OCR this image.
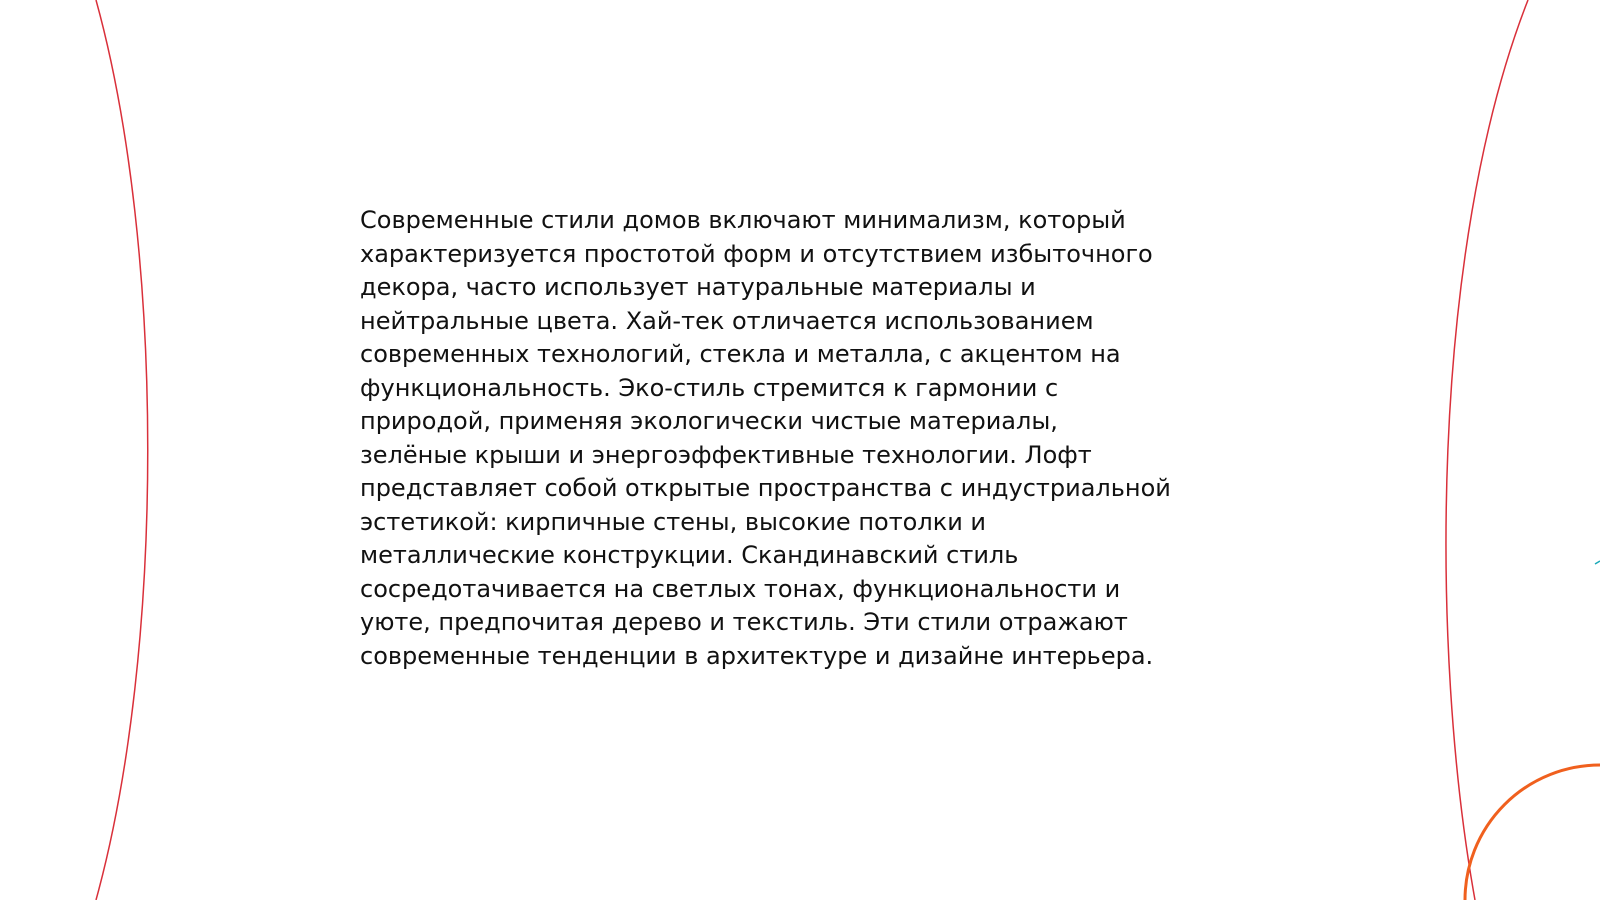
Современные стили домов включают минимализм, который
характеризуется простотой форм и отсутствием избыточного
декора, часто использует натуральные материалы и
нейтральные цвета. Хай-тек отличается использованием
современных технологий, стекла и металла, с акцентом на
функциональность. Эко-стиль стремится к гармонии с
природой, применяя экологически чистые материалы,
зелёные крыши и энергоэффективные технологии. Лофт
представляет собой открытые пространства с индустриальной
эстетикой: кирпичные стены, высокие потолки и
металлические конструкции. Скандинавский стиль
сосредотачивается на светлых тонах, функциональности и
уюте, предпочитая дерево и текстиль. Эти стили отражают
современные тенденции в архитектуре и дизайне интерьера.
